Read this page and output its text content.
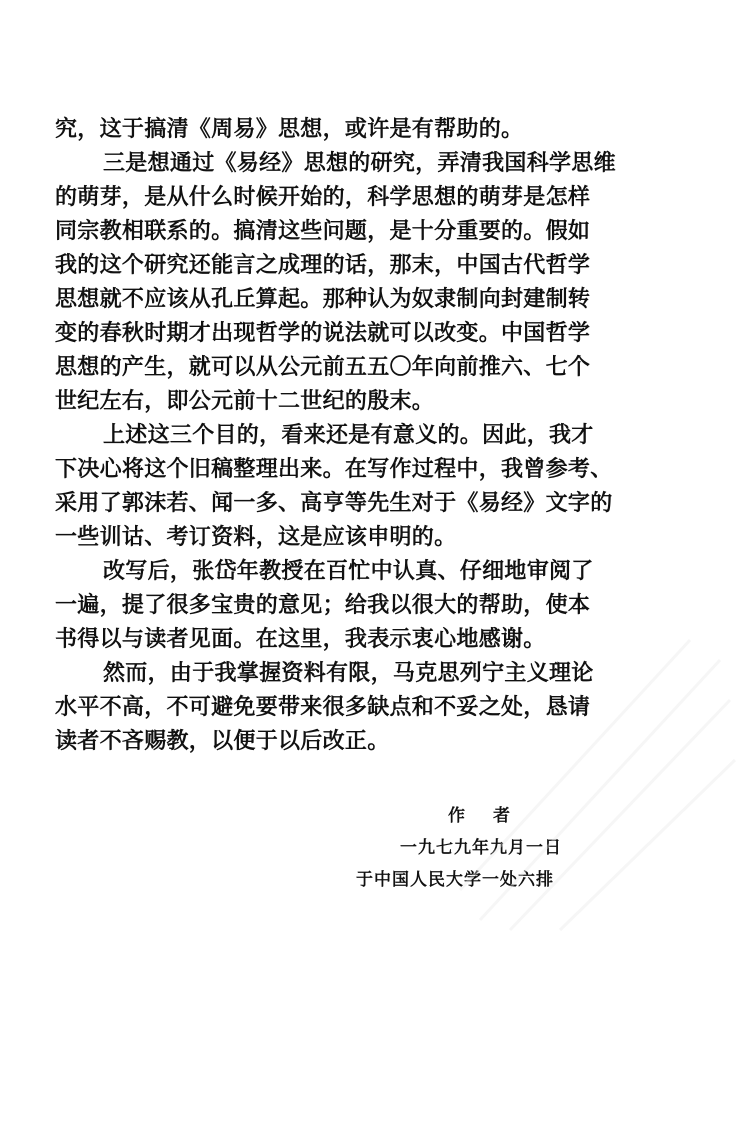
究，这于搞清《周易》思想，或许是有帮助的。

三是想通过《易经》思想的研究，弄清我国科学思维

的萌芽，是从什么时候开始的，科学思想的萌芽是怎样

同宗教相联系的。搞清这些问题，是十分重要的。假如

我的这个研究还能言之成理的话，那末，中国古代哲学

思想就不应该从孔丘算起。那种认为奴隶制向封建制转

变的春秋时期才出现哲学的说法就可以改变。中国哲学

思想的产生，就可以从公元前五五〇年向前推六、七个

世纪左右，即公元前十二世纪的殷末。

上述这三个目的，看来还是有意义的。因此，我才

下决心将这个旧稿整理出来。在写作过程中，我曾参考、

采用了郭沫若、闻一多、高亨等先生对于《易经》文字的

一些训诂、考订资料，这是应该申明的。

改写后，张岱年教授在百忙中认真、仔细地审阅了

一遍，提了很多宝贵的意见；给我以很大的帮助，使本

书得以与读者见面。在这里，我表示衷心地感谢。

然而，由于我掌握资料有限，马克思列宁主义理论

水平不高，不可避免要带来很多缺点和不妥之处，恳请

读者不吝赐教，以便于以后改正。

作者
一九七九年九月一日
于中国人民大学一处六排
